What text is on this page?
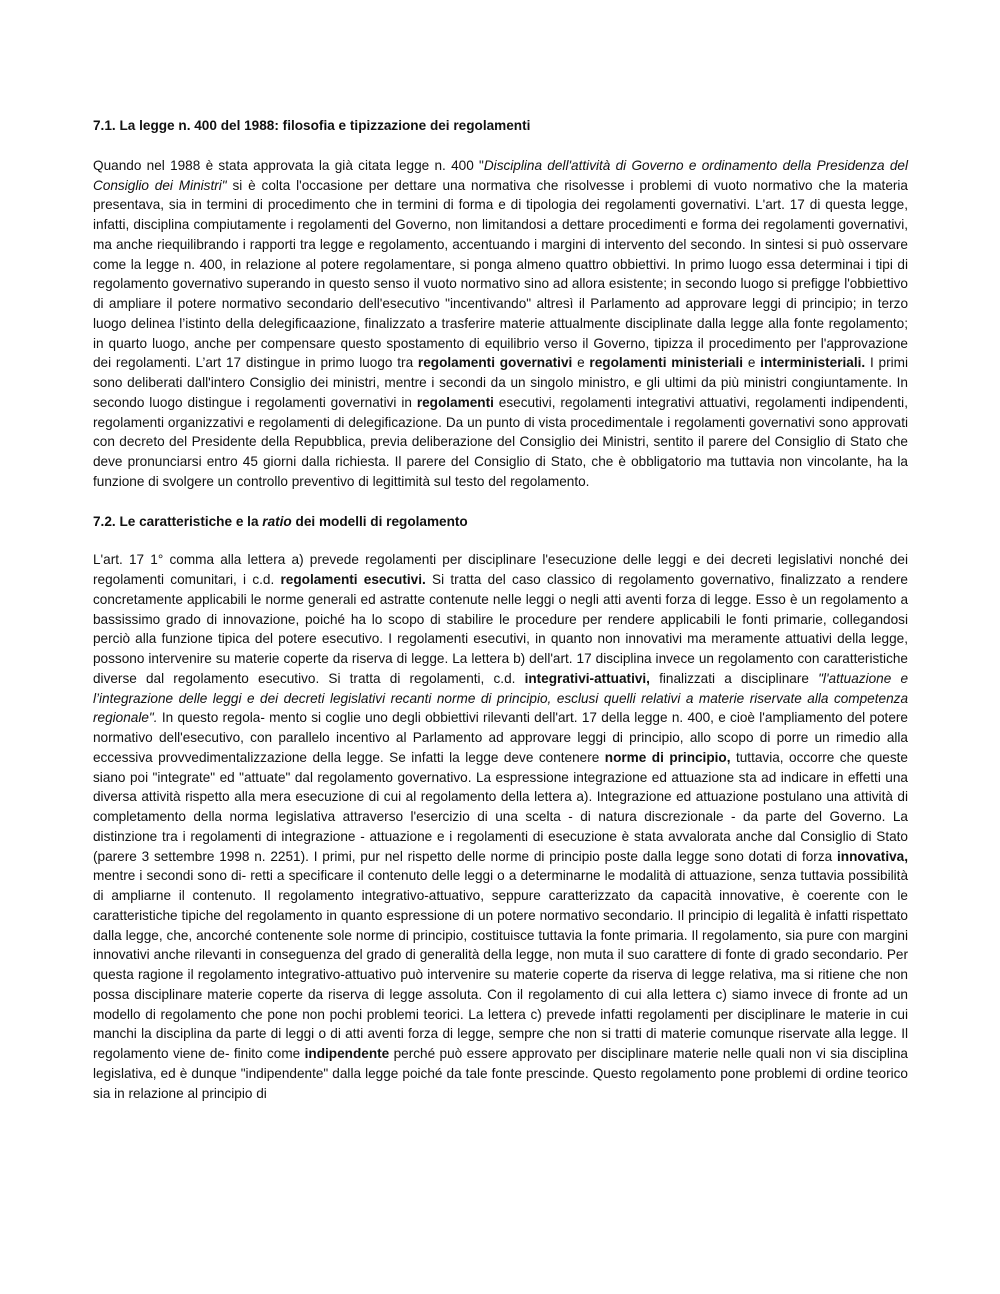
7.1. La legge n. 400 del 1988: filosofia e tipizzazione dei regolamenti

Quando nel 1988 è stata approvata la già citata legge n. 400 "Disciplina dell'attività di Governo e ordinamento della Presidenza del Consiglio dei Ministri" si è colta l'occasione per dettare una normativa che risolvesse i problemi di vuoto normativo che la materia presentava, sia in termini di procedimento che in termini di forma e di tipologia dei regolamenti governativi. L'art. 17 di questa legge, infatti, disciplina compiutamente i regolamenti del Governo, non limitandosi a dettare procedimenti e forma dei regolamenti governativi, ma anche riequilibrando i rapporti tra legge e regolamento, accentuando i margini di intervento del secondo. In sintesi si può osservare come la legge n. 400, in relazione al potere regolamentare, si ponga almeno quattro obbiettivi. In primo luogo essa determinai i tipi di regolamento governativo superando in questo senso il vuoto normativo sino ad allora esistente; in secondo luogo si prefigge l'obbiettivo di ampliare il potere normativo secondario dell'esecutivo "incentivando" altresì il Parlamento ad approvare leggi di principio; in terzo luogo delinea l’istinto della delegificaazione, finalizzato a trasferire materie attualmente disciplinate dalla legge alla fonte regolamento; in quarto luogo, anche per compensare questo spostamento di equilibrio verso il Governo, tipizza il procedimento per l'approvazione dei regolamenti. L’art 17 distingue in primo luogo tra regolamenti governativi e regolamenti ministeriali e interministeriali. I primi sono deliberati dall'intero Consiglio dei ministri, mentre i secondi da un singolo ministro, e gli ultimi da più ministri congiuntamente. In secondo luogo distingue i regolamenti governativi in regolamenti esecutivi, regolamenti integrativi attuativi, regolamenti indipendenti, regolamenti organizzativi e regolamenti di delegificazione. Da un punto di vista procedimentale i regolamenti governativi sono approvati con decreto del Presidente della Repubblica, previa deliberazione del Consiglio dei Ministri, sentito il parere del Consiglio di Stato che deve pronunciarsi entro 45 giorni dalla richiesta. Il parere del Consiglio di Stato, che è obbligatorio ma tuttavia non vincolante, ha la funzione di svolgere un controllo preventivo di legittimità sul testo del regolamento.

7.2. Le caratteristiche e la ratio dei modelli di regolamento

L'art. 17 1° comma alla lettera a) prevede regolamenti per disciplinare l'esecuzione delle leggi e dei decreti legislativi nonché dei regolamenti comunitari, i c.d. regolamenti esecutivi. Si tratta del caso classico di regolamento governativo, finalizzato a rendere concretamente applicabili le norme generali ed astratte contenute nelle leggi o negli atti aventi forza di legge. Esso è un regolamento a bassissimo grado di innovazione, poiché ha lo scopo di stabilire le procedure per rendere applicabili le fonti primarie, collegandosi perciò alla funzione tipica del potere esecutivo. I regolamenti esecutivi, in quanto non innovativi ma meramente attuativi della legge, possono intervenire su materie coperte da riserva di legge. La lettera b) dell'art. 17 disciplina invece un regolamento con caratteristiche diverse dal regolamento esecutivo. Si tratta di regolamenti, c.d. integrativi-attuativi, finalizzati a disciplinare "l'attuazione e l’integrazione delle leggi e dei decreti legislativi recanti norme di principio, esclusi quelli relativi a materie riservate alla competenza regionale". In questo regola- mento si coglie uno degli obbiettivi rilevanti dell'art. 17 della legge n. 400, e cioè l'ampliamento del potere normativo dell'esecutivo, con parallelo incentivo al Parlamento ad approvare leggi di principio, allo scopo di porre un rimedio alla eccessiva provvedimentalizzazione della legge. Se infatti la legge deve contenere norme di principio, tuttavia, occorre che queste siano poi "integrate" ed "attuate" dal regolamento governativo. La espressione integrazione ed attuazione sta ad indicare in effetti una diversa attività rispetto alla mera esecuzione di cui al regolamento della lettera a). Integrazione ed attuazione postulano una attività di completamento della norma legislativa attraverso l'esercizio di una scelta - di natura discrezionale - da parte del Governo. La distinzione tra i regolamenti di integrazione - attuazione e i regolamenti di esecuzione è stata avvalorata anche dal Consiglio di Stato (parere 3 settembre 1998 n. 2251). I primi, pur nel rispetto delle norme di principio poste dalla legge sono dotati di forza innovativa, mentre i secondi sono di- retti a specificare il contenuto delle leggi o a determinarne le modalità di attuazione, senza tuttavia possibilità di ampliarne il contenuto. Il regolamento integrativo-attuativo, seppure caratterizzato da capacità innovative, è coerente con le caratteristiche tipiche del regolamento in quanto espressione di un potere normativo secondario. Il principio di legalità è infatti rispettato dalla legge, che, ancorché contenente sole norme di principio, costituisce tuttavia la fonte primaria. Il regolamento, sia pure con margini innovativi anche rilevanti in conseguenza del grado di generalità della legge, non muta il suo carattere di fonte di grado secondario. Per questa ragione il regolamento integrativo-attuativo può intervenire su materie coperte da riserva di legge relativa, ma si ritiene che non possa disciplinare materie coperte da riserva di legge assoluta. Con il regolamento di cui alla lettera c) siamo invece di fronte ad un modello di regolamento che pone non pochi problemi teorici. La lettera c) prevede infatti regolamenti per disciplinare le materie in cui manchi la disciplina da parte di leggi o di atti aventi forza di legge, sempre che non si tratti di materie comunque riservate alla legge. Il regolamento viene de- finito come indipendente perché può essere approvato per disciplinare materie nelle quali non vi sia disciplina legislativa, ed è dunque "indipendente" dalla legge poiché da tale fonte prescinde. Questo regolamento pone problemi di ordine teorico sia in relazione al principio di
